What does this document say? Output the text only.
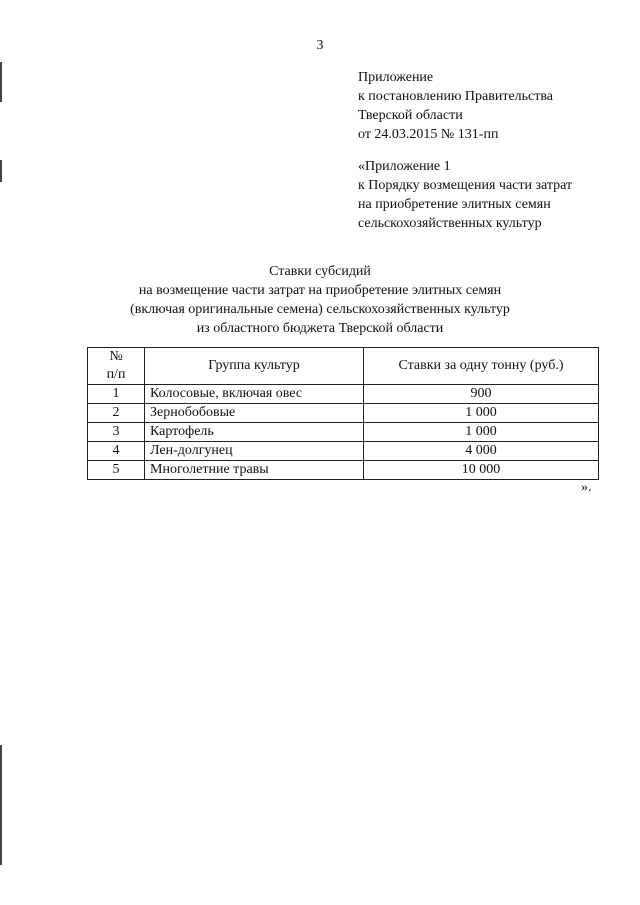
3
Приложение
к постановлению Правительства
Тверской области
от 24.03.2015 № 131-пп
«Приложение 1
к Порядку возмещения части затрат
на приобретение элитных семян
сельскохозяйственных культур
Ставки субсидий
на возмещение части затрат на приобретение элитных семян
(включая оригинальные семена) сельскохозяйственных культур
из областного бюджета Тверской области
№
п/п	Группа культур	Ставки за одну тонну (руб.)
1	Колосовые, включая овес	900
2	Зернобобовые	1 000
3	Картофель	1 000
4	Лен-долгунец	4 000
5	Многолетние травы	10 000
».
